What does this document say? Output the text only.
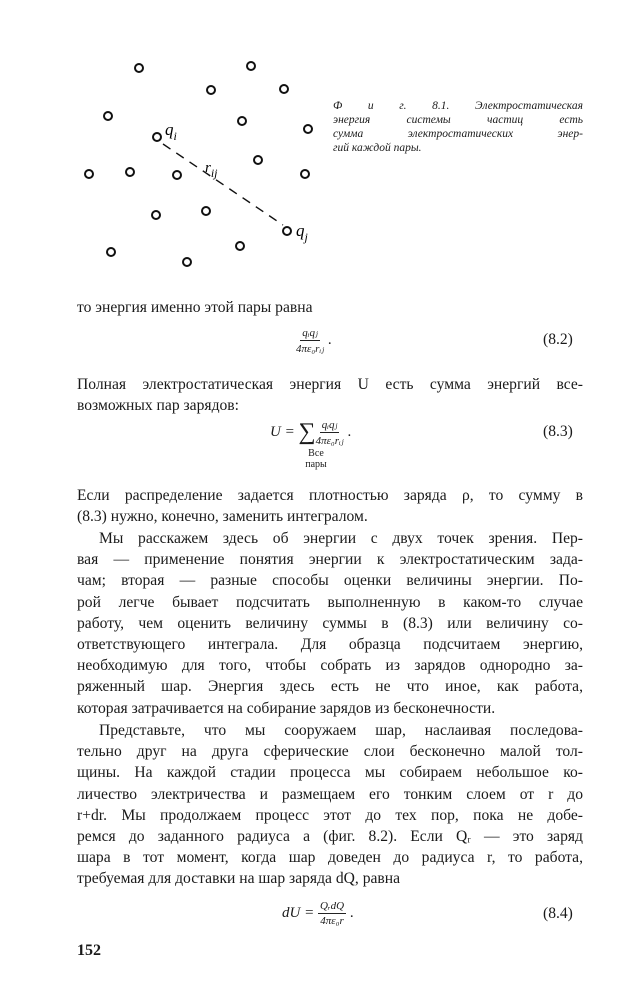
$q_i$
$r_{ij}$
$q_j$
Ф и г. 8.1. Электростатическая
энергия системы частиц есть
сумма электростатических энер-
гий каждой пары.
то энергия именно этой пары равна
$\frac{\text{qᵢqⱼ}}{\text{4πε₀rᵢⱼ}}$ .	(8.2)
Полная электростатическая энергия U есть сумма энергий все-
возможных пар зарядов:
U = ∑ $\frac{\text{qᵢqⱼ}}{\text{4πε₀rᵢⱼ}}$ .
Все
пары
(8.3)
Если распределение задается плотностью заряда ρ, то сумму в
(8.3) нужно, конечно, заменить интегралом.
Мы расскажем здесь об энергии с двух точек зрения. Пер-
вая — применение понятия энергии к электростатическим зада-
чам; вторая — разные способы оценки величины энергии. По-
рой легче бывает подсчитать выполненную в каком-то случае
работу, чем оценить величину суммы в (8.3) или величину со-
ответствующего интеграла. Для образца подсчитаем энергию,
необходимую для того, чтобы собрать из зарядов однородно за-
ряженный шар. Энергия здесь есть не что иное, как работа,
которая затрачивается на собирание зарядов из бесконечности.
Представьте, что мы сооружаем шар, наслаивая последова-
тельно друг на друга сферические слои бесконечно малой тол-
щины. На каждой стадии процесса мы собираем небольшое ко-
личество электричества и размещаем его тонким слоем от r до
r+dr. Мы продолжаем процесс этот до тех пор, пока не добе-
ремся до заданного радиуса a (фиг. 8.2). Если Qᵣ — это заряд
шара в тот момент, когда шар доведен до радиуса r, то работа,
требуемая для доставки на шар заряда dQ, равна
dU = $\frac{\text{QᵣdQ}}{\text{4πε₀r}}$ .	(8.4)
152
